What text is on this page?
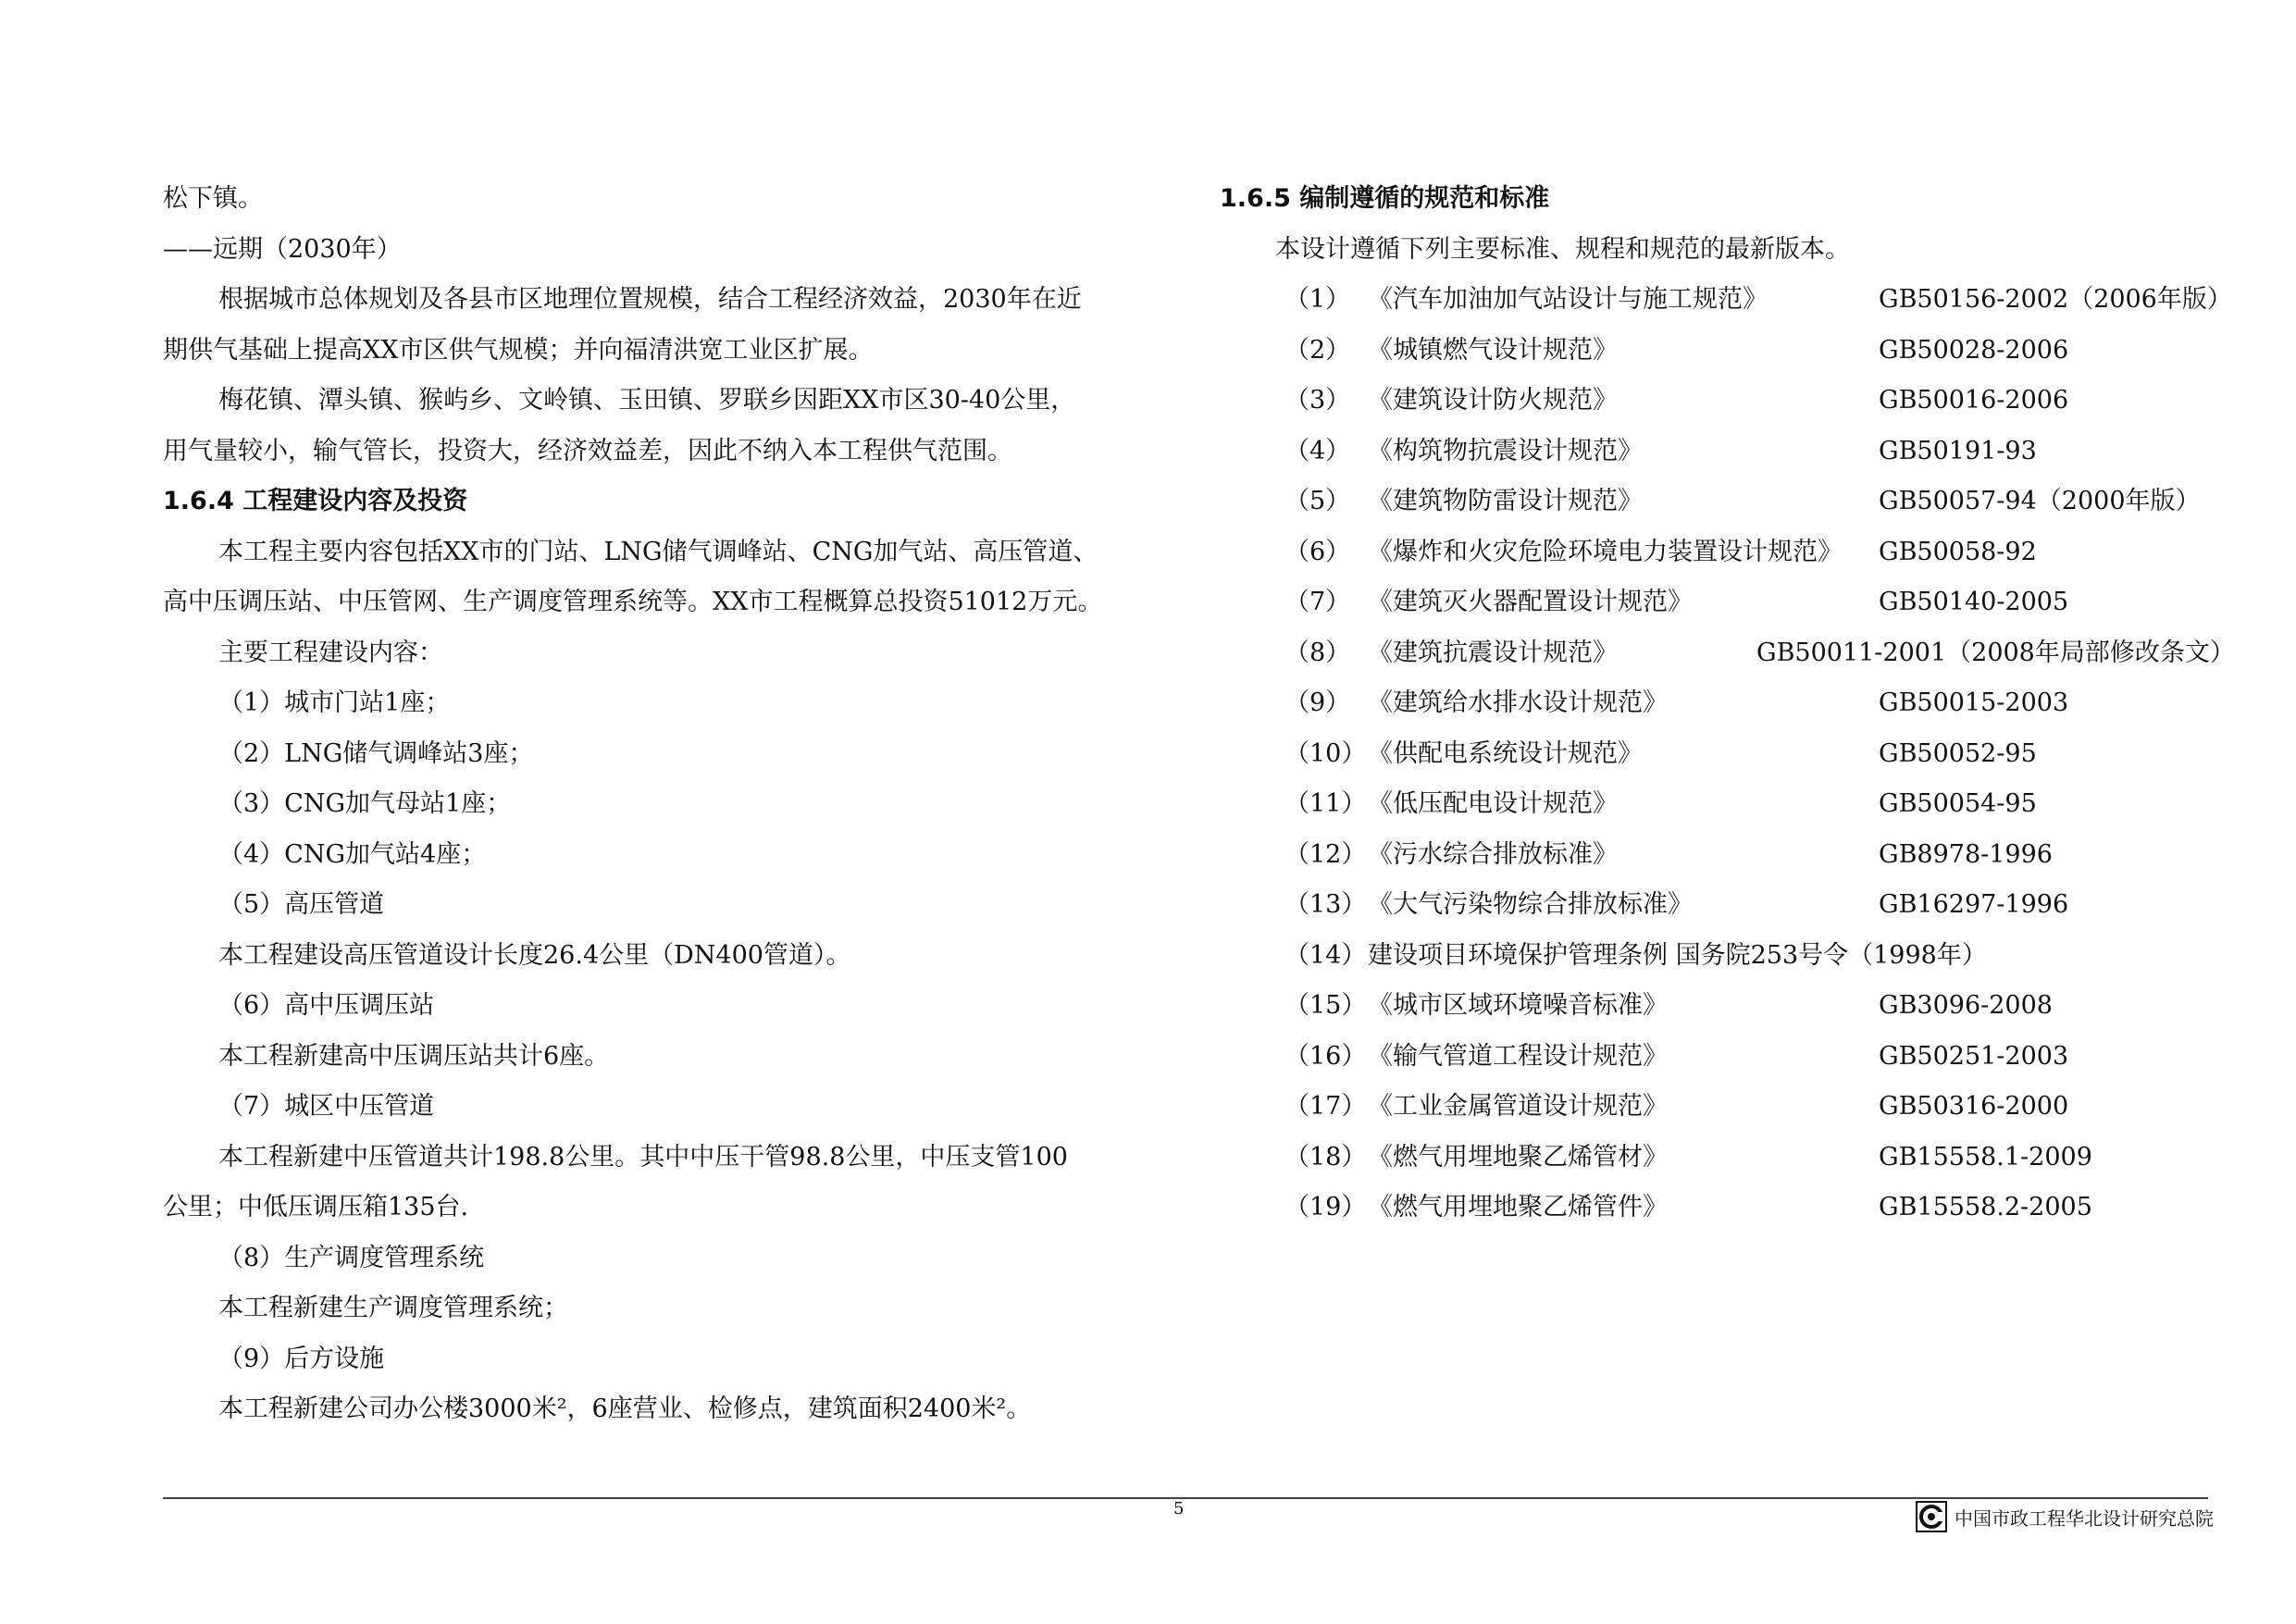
松下镇。
——远期（2030年）
根据城市总体规划及各县市区地理位置规模，结合工程经济效益，2030年在近
期供气基础上提高XX市区供气规模；并向福清洪宽工业区扩展。
梅花镇、潭头镇、猴屿乡、文岭镇、玉田镇、罗联乡因距XX市区30-40公里，
用气量较小，输气管长，投资大，经济效益差，因此不纳入本工程供气范围。
1.6.4 工程建设内容及投资
本工程主要内容包括XX市的门站、LNG储气调峰站、CNG加气站、高压管道、
高中压调压站、中压管网、生产调度管理系统等。XX市工程概算总投资51012万元。
主要工程建设内容：
（1）城市门站1座；
（2）LNG储气调峰站3座；
（3）CNG加气母站1座；
（4）CNG加气站4座；
（5）高压管道
本工程建设高压管道设计长度26.4公里（DN400管道）。
（6）高中压调压站
本工程新建高中压调压站共计6座。
（7）城区中压管道
本工程新建中压管道共计198.8公里。其中中压干管98.8公里，中压支管100
公里；中低压调压箱135台.
（8）生产调度管理系统
本工程新建生产调度管理系统；
（9）后方设施
本工程新建公司办公楼3000米²，6座营业、检修点，建筑面积2400米²。
1.6.5 编制遵循的规范和标准
本设计遵循下列主要标准、规程和规范的最新版本。
（1） 《汽车加油加气站设计与施工规范》	GB50156-2002（2006年版）
（2） 《城镇燃气设计规范》	GB50028-2006
（3） 《建筑设计防火规范》	GB50016-2006
（4） 《构筑物抗震设计规范》	GB50191-93
（5） 《建筑物防雷设计规范》	GB50057-94（2000年版）
（6） 《爆炸和火灾危险环境电力装置设计规范》 GB50058-92
（7） 《建筑灭火器配置设计规范》	GB50140-2005
（8） 《建筑抗震设计规范》	GB50011-2001（2008年局部修改条文）
（9） 《建筑给水排水设计规范》	GB50015-2003
（10） 《供配电系统设计规范》	GB50052-95
（11） 《低压配电设计规范》	GB50054-95
（12） 《污水综合排放标准》	GB8978-1996
（13） 《大气污染物综合排放标准》	GB16297-1996
（14） 建设项目环境保护管理条例 国务院253号令（1998年）
（15） 《城市区域环境噪音标准》	GB3096-2008
（16） 《输气管道工程设计规范》	GB50251-2003
（17） 《工业金属管道设计规范》	GB50316-2000
（18） 《燃气用埋地聚乙烯管材》	GB15558.1-2009
（19） 《燃气用埋地聚乙烯管件》	GB15558.2-2005
5	中国市政工程华北设计研究总院
